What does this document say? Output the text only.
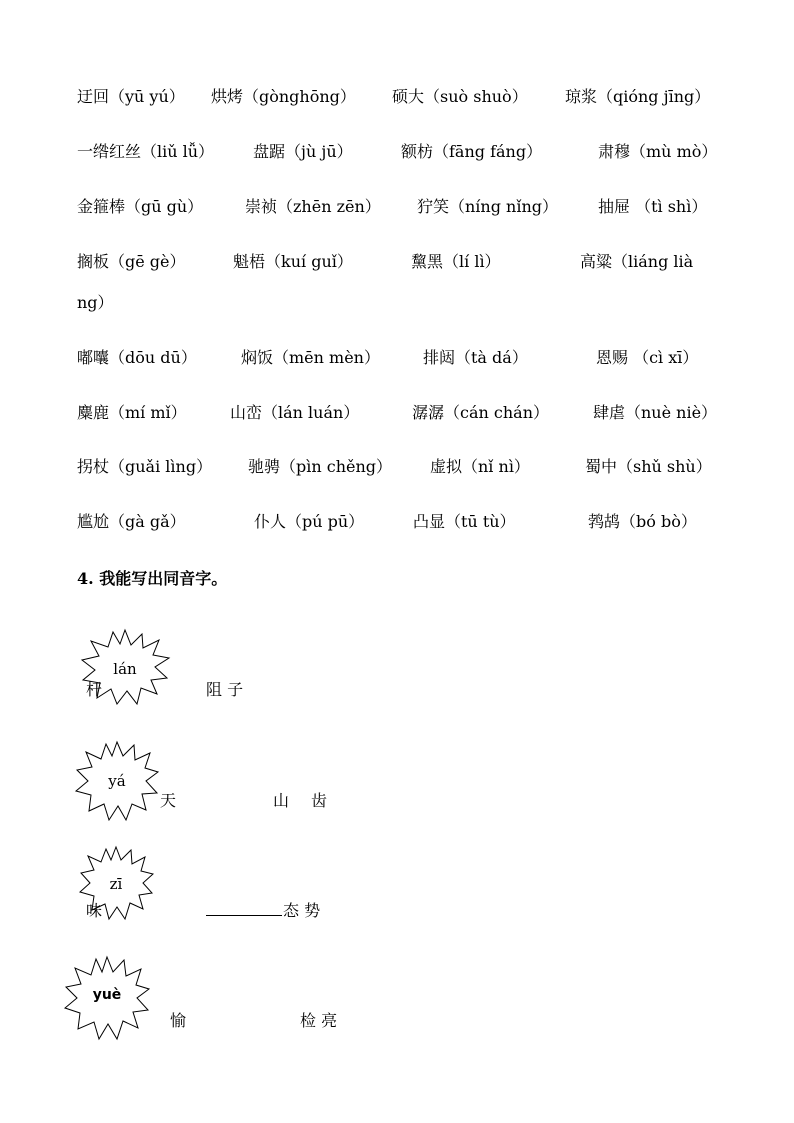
迂回（yū yú） 烘烤（gònghōng） 硕大（suò shuò） 琼浆（qióng jīng）
一绺红丝（liǔ lǚ） 盘踞（jù jū）	额枋（fāng fáng）	肃穆（mù mò）
金箍棒（gū gù）	崇祯（zhēn zēn） 狞笑（níng nǐng） 抽屉 （tì shì）
搁板（gē gè）	魁梧（kuí guǐ）	黧黑（lí lì）	高粱（liáng lià
ng）
嘟囔（dōu dū）	焖饭（mēn mèn）	排闼（tà dá）	恩赐 （cì xī）
麋鹿（mí mǐ）	山峦（lán luán）	潺潺（cán chán）	肆虐（nuè niè）
拐杖（guǎi lìng） 驰骋（pìn chěng） 虚拟（nǐ nì）	蜀中（shǔ shù）
尴尬（gà gǎ）	仆人（pú pū）	凸显（tū tù）	鹁鸪（bó bò）
4. 我能写出同音字。
lán
杆	阻 子
yá
天	山 齿
zī
味	态 势
yuè
愉	检 亮
